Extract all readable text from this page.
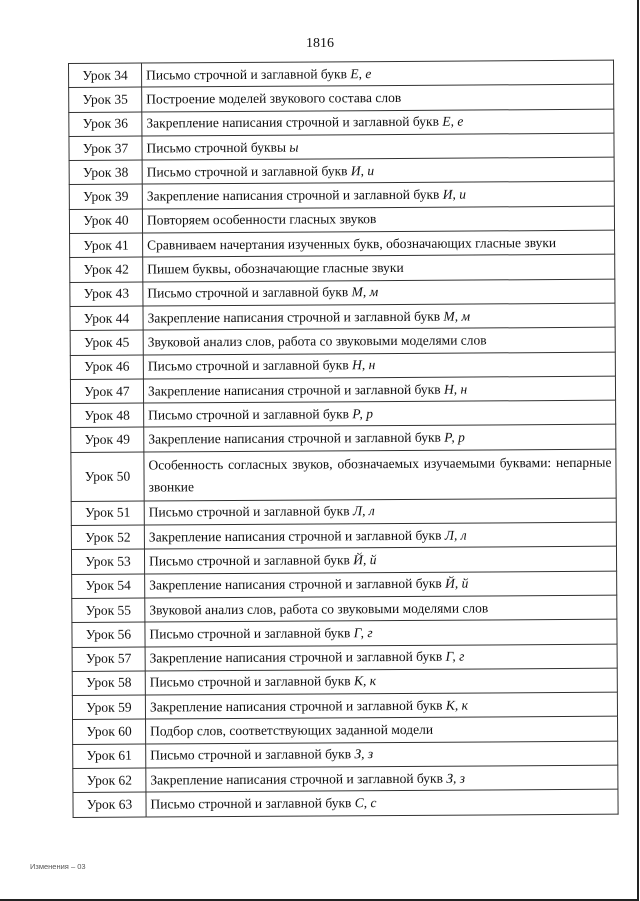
1816
Урок 34	Письмо строчной и заглавной букв Е, е
Урок 35	Построение моделей звукового состава слов
Урок 36	Закрепление написания строчной и заглавной букв Е, е
Урок 37	Письмо строчной буквы ы
Урок 38	Письмо строчной и заглавной букв И, и
Урок 39	Закрепление написания строчной и заглавной букв И, и
Урок 40	Повторяем особенности гласных звуков
Урок 41	Сравниваем начертания изученных букв, обозначающих гласные звуки
Урок 42	Пишем буквы, обозначающие гласные звуки
Урок 43	Письмо строчной и заглавной букв М, м
Урок 44	Закрепление написания строчной и заглавной букв М, м
Урок 45	Звуковой анализ слов, работа со звуковыми моделями слов
Урок 46	Письмо строчной и заглавной букв Н, н
Урок 47	Закрепление написания строчной и заглавной букв Н, н
Урок 48	Письмо строчной и заглавной букв Р, р
Урок 49	Закрепление написания строчной и заглавной букв Р, р
Урок 50	Особенность согласных звуков, обозначаемых изучаемыми буквами: непарные звонкие
Урок 51	Письмо строчной и заглавной букв Л, л
Урок 52	Закрепление написания строчной и заглавной букв Л, л
Урок 53	Письмо строчной и заглавной букв Й, й
Урок 54	Закрепление написания строчной и заглавной букв Й, й
Урок 55	Звуковой анализ слов, работа со звуковыми моделями слов
Урок 56	Письмо строчной и заглавной букв Г, г
Урок 57	Закрепление написания строчной и заглавной букв Г, г
Урок 58	Письмо строчной и заглавной букв К, к
Урок 59	Закрепление написания строчной и заглавной букв К, к
Урок 60	Подбор слов, соответствующих заданной модели
Урок 61	Письмо строчной и заглавной букв З, з
Урок 62	Закрепление написания строчной и заглавной букв З, з
Урок 63	Письмо строчной и заглавной букв С, с
Изменения – 03
